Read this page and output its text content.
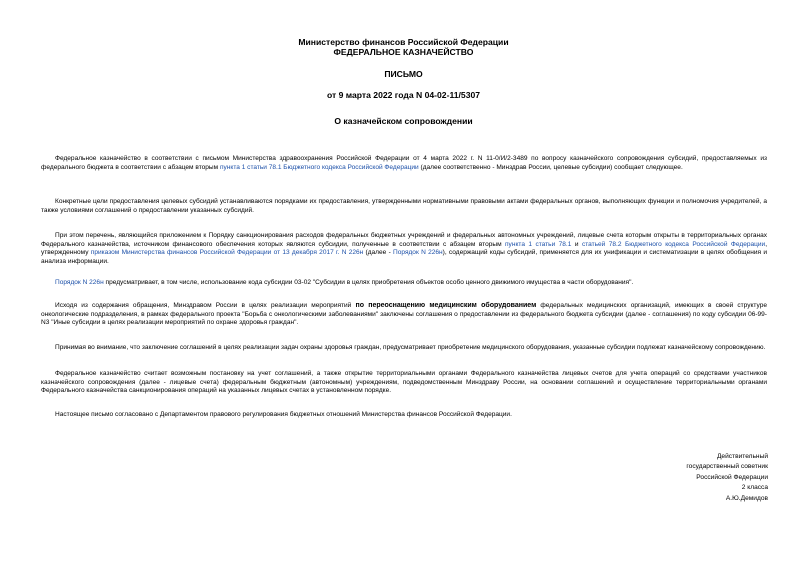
Министерство финансов Российской Федерации
ФЕДЕРАЛЬНОЕ КАЗНАЧЕЙСТВО
ПИСЬМО
от 9 марта 2022 года N 04-02-11/5307
О казначейском сопровождении

Федеральное казначейство в соответствии с письмом Министерства здравоохранения Российской Федерации от 4 марта 2022 г. N 11-0/И/2-3489 по вопросу казначейского сопровождения субсидий, предоставляемых из федерального бюджета в соответствии с абзацем вторым пункта 1 статьи 78.1 Бюджетного кодекса Российской Федерации (далее соответственно - Минздрав России, целевые субсидии) сообщает следующее.

Конкретные цели предоставления целевых субсидий устанавливаются порядками их предоставления, утвержденными нормативными правовыми актами федеральных органов, выполняющих функции и полномочия учредителей, а также условиями соглашений о предоставлении указанных субсидий.

При этом перечень, являющийся приложением к Порядку санкционирования расходов федеральных бюджетных учреждений и федеральных автономных учреждений, лицевые счета которым открыты в территориальных органах Федерального казначейства, источником финансового обеспечения которых являются субсидии, полученные в соответствии с абзацем вторым пункта 1 статьи 78.1 и статьей 78.2 Бюджетного кодекса Российской Федерации, утвержденному приказом Министерства финансов Российской Федерации от 13 декабря 2017 г. N 226н (далее - Порядок N 226н), содержащий коды субсидий, применяется для их унификации и систематизации в целях обобщения и анализа информации.

Порядок N 226н предусматривает, в том числе, использование кода субсидии 03-02 "Субсидии в целях приобретения объектов особо ценного движимого имущества в части оборудования".

Исходя из содержания обращения, Минздравом России в целях реализации мероприятий по переоснащению медицинским оборудованием федеральных медицинских организаций, имеющих в своей структуре онкологические подразделения, в рамках федерального проекта "Борьба с онкологическими заболеваниями" заключены соглашения о предоставлении из федерального бюджета субсидии (далее - соглашения) по коду субсидии 06-99-N3 "Иные субсидии в целях реализации мероприятий по охране здоровья граждан".

Принимая во внимание, что заключение соглашений в целях реализации задач охраны здоровья граждан, предусматривает приобретение медицинского оборудования, указанные субсидии подлежат казначейскому сопровождению.

Федеральное казначейство считает возможным постановку на учет соглашений, а также открытие территориальными органами Федерального казначейства лицевых счетов для учета операций со средствами участников казначейского сопровождения (далее - лицевые счета) федеральным бюджетным (автономным) учреждениям, подведомственным Минздраву России, на основании соглашений и осуществление территориальными органами Федерального казначейства санкционирования операций на указанных лицевых счетах в установленном порядке.

Настоящее письмо согласовано с Департаментом правового регулирования бюджетных отношений Министерства финансов Российской Федерации.

Действительный
государственный советник
Российской Федерации
2 класса
А.Ю.Демидов
